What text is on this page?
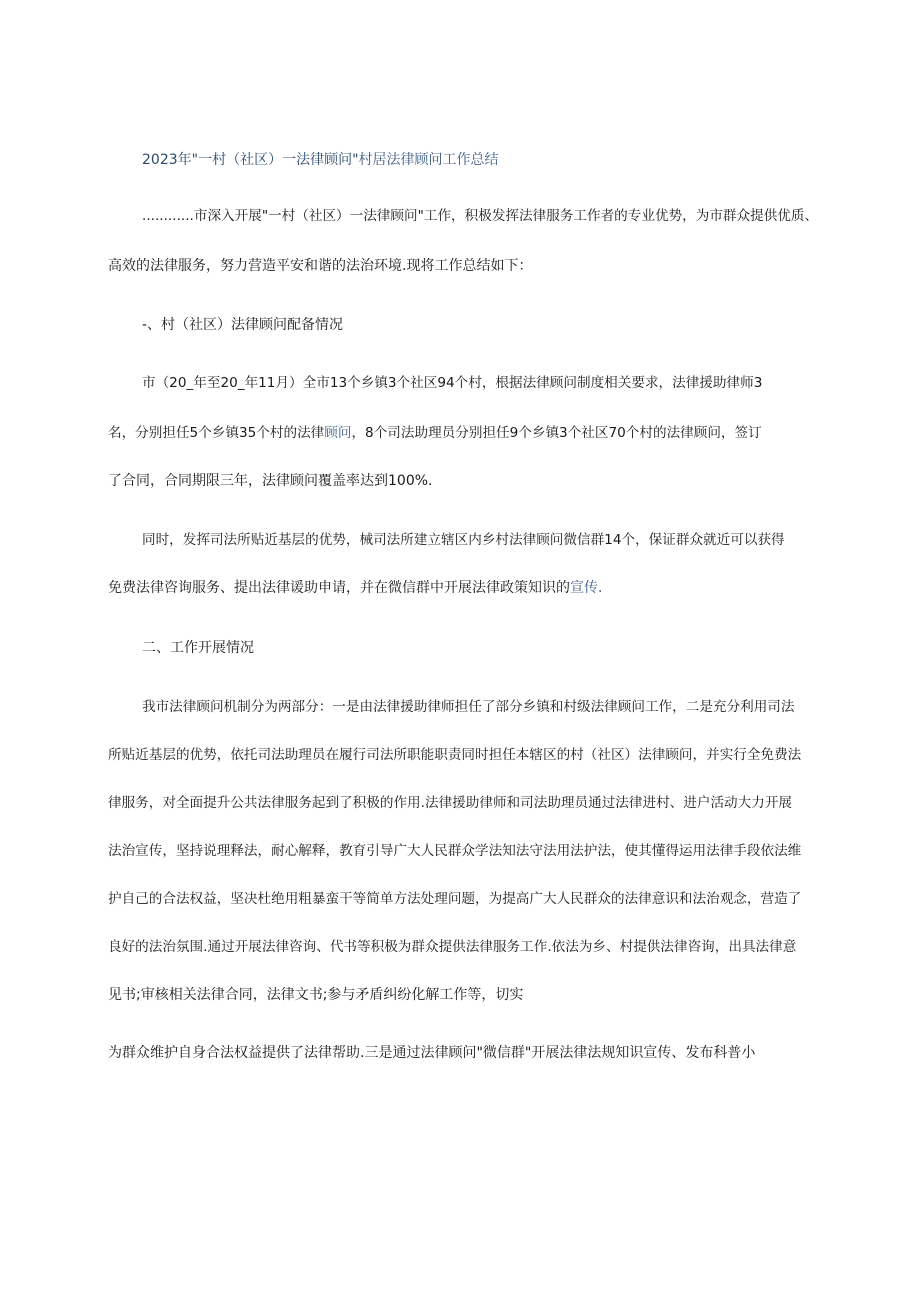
2023年"一村（社区）一法律顾问"村居法律顾问工作总结
............市深入开展"一村（社区）一法律顾问"工作，积极发挥法律服务工作者的专业优势，为市群众提供优质、
高效的法律服务，努力营造平安和谐的法治环境.现将工作总结如下：
-、村（社区）法律顾问配备情况
市（20_年至20_年11月）全市13个乡镇3个社区94个村，根据法律顾问制度相关要求，法律援助律师3
名，分别担任5个乡镇35个村的法律顾问，8个司法助理员分别担任9个乡镇3个社区70个村的法律顾问，签订
了合同，合同期限三年，法律顾问覆盖率达到100%.
同时，发挥司法所贴近基层的优势，械司法所建立辖区内乡村法律顾问微信群14个，保证群众就近可以获得
免费法律咨询服务、提出法律谖助申请，并在微信群中开展法律政策知识的宣传.
二、工作开展情况
我市法律顾问机制分为两部分：一是由法律援助律师担任了部分乡镇和村级法律顾问工作，二是充分利用司法
所贴近基层的优势，依托司法助理员在履行司法所职能职责同时担任本辖区的村（社区）法律顾问，并实行全免费法
律服务，对全面提升公共法律服务起到了积极的作用.法律援助律师和司法助理员通过法律进村、进户活动大力开展
法治宣传，坚持说理释法，耐心解释，教育引导广大人民群众学法知法守法用法护法，使其懂得运用法律手段依法维
护自己的合法权益，坚决杜绝用粗暴蛮干等简单方法处理问题，为提高广大人民群众的法律意识和法治观念，营造了
良好的法治氛围.通过开展法律咨询、代书等积极为群众提供法律服务工作.依法为乡、村提供法律咨询，出具法律意
见书;审核相关法律合同，法律文书;参与矛盾纠纷化解工作等，切实
为群众维护自身合法权益提供了法律帮助.三是通过法律顾问"微信群"开展法律法规知识宣传、发布科普小
